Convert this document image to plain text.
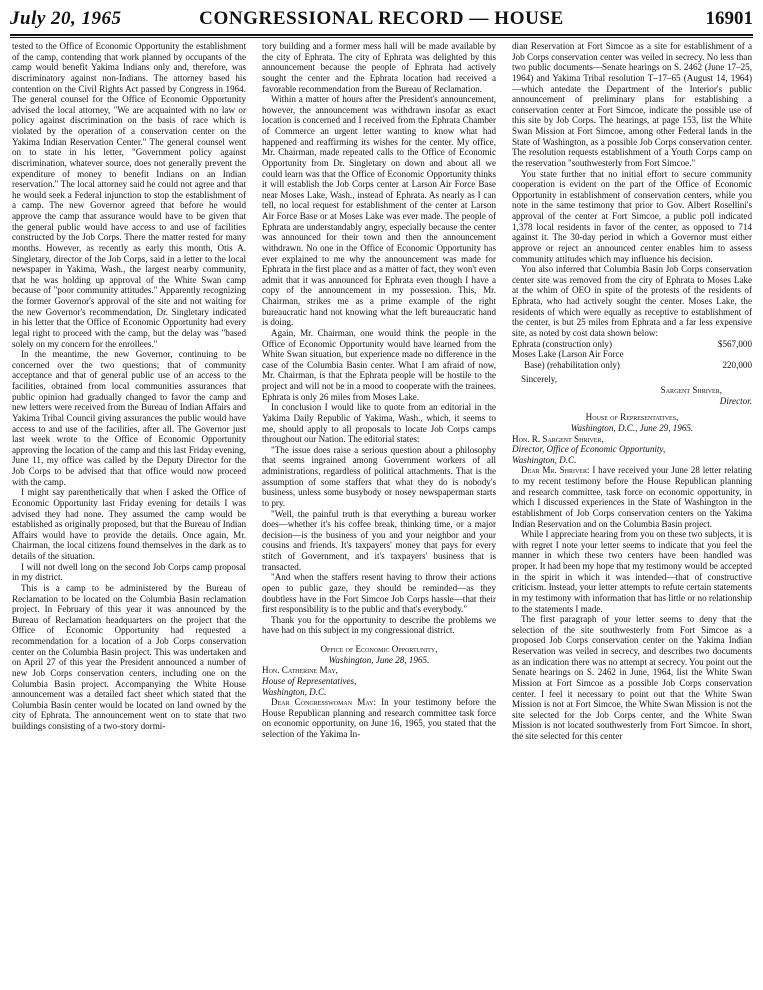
July 20, 1965	CONGRESSIONAL RECORD — HOUSE	16901

tested to the Office of Economic Opportunity the establishment of the camp, contending that work planned by occupants of the camp would benefit Yakima Indians only and, therefore, was discriminatory against non-Indians. The attorney based his contention on the Civil Rights Act passed by Congress in 1964. The general counsel for the Office of Economic Opportunity advised the local attorney, "We are acquainted with no law or policy against discrimination on the basis of race which is violated by the operation of a conservation center on the Yakima Indian Reservation Center." The general counsel went on to state in his letter, "Government policy against discrimination, whatever source, does not generally prevent the expenditure of money to benefit Indians on an Indian reservation." The local attorney said he could not agree and that he would seek a Federal injunction to stop the establishment of a camp. The new Governor agreed that before he would approve the camp that assurance would have to be given that the general public would have access to and use of facilities constructed by the Job Corps. There the matter rested for many months. However, as recently as early this month, Otis A. Singletary, director of the Job Corps, said in a letter to the local newspaper in Yakima, Wash., the largest nearby community, that he was holding up approval of the White Swan camp because of "poor community attitudes." Apparently recognizing the former Governor's approval of the site and not waiting for the new Governor's recommendation, Dr. Singletary indicated in his letter that the Office of Economic Opportunity had every legal right to proceed with the camp, but the delay was "based solely on my concern for the enrollees."

In the meantime, the new Governor, continuing to be concerned over the two questions; that of community acceptance and that of general public use of an access to the facilities, obtained from local communities assurances that public opinion had gradually changed to favor the camp and new letters were received from the Bureau of Indian Affairs and Yakima Tribal Council giving assurances the public would have access to and use of the facilities, after all. The Governor just last week wrote to the Office of Economic Opportunity approving the location of the camp and this last Friday evening, June 11, my office was called by the Deputy Director for the Job Corps to be advised that that office would now proceed with the camp.

I might say parenthetically that when I asked the Office of Economic Opportunity last Friday evening for details I was advised they had none. They assumed the camp would be established as originally proposed, but that the Bureau of Indian Affairs would have to provide the details. Once again, Mr. Chairman, the local citizens found themselves in the dark as to details of the situation.

I will not dwell long on the second Job Corps camp proposal in my district.

This is a camp to be administered by the Bureau of Reclamation to be located on the Columbia Basin reclamation project. In February of this year it was announced by the Bureau of Reclamation headquarters on the project that the Office of Economic Opportunity had requested a recommendation for a location of a Job Corps conservation center on the Columbia Basin project. This was undertaken and on April 27 of this year the President announced a number of new Job Corps conservation centers, including one on the Columbia Basin project. Accompanying the White House announcement was a detailed fact sheet which stated that the Columbia Basin center would be located on land owned by the city of Ephrata. The announcement went on to state that two buildings consisting of a two-story dormi-

tory building and a former mess hall will be made available by the city of Ephrata. The city of Ephrata was delighted by this announcement because the people of Ephrata had actively sought the center and the Ephrata location had received a favorable recommendation from the Bureau of Reclamation.

Within a matter of hours after the President's announcement, however, the announcement was withdrawn insofar as exact location is concerned and I received from the Ephrata Chamber of Commerce an urgent letter wanting to know what had happened and reaffirming its wishes for the center. My office, Mr. Chairman, made repeated calls to the Office of Economic Opportunity from Dr. Singletary on down and about all we could learn was that the Office of Economic Opportunity thinks it will establish the Job Corps center at Larson Air Force Base near Moses Lake, Wash., instead of Ephrata. As nearly as I can tell, no local request for establishment of the center at Larson Air Force Base or at Moses Lake was ever made. The people of Ephrata are understandably angry, especially because the center was announced for their town and then the announcement withdrawn. No one in the Office of Economic Opportunity has ever explained to me why the announcement was made for Ephrata in the first place and as a matter of fact, they won't even admit that it was announced for Ephrata even though I have a copy of the announcement in my possession. This, Mr. Chairman, strikes me as a prime example of the right bureaucratic hand not knowing what the left bureaucratic hand is doing.

Again, Mr. Chairman, one would think the people in the Office of Economic Opportunity would have learned from the White Swan situation, but experience made no difference in the case of the Columbia Basin center. What I am afraid of now, Mr. Chairman, is that the Ephrata people will be hostile to the project and will not be in a mood to cooperate with the trainees. Ephrata is only 26 miles from Moses Lake.

In conclusion I would like to quote from an editorial in the Yakima Daily Republic of Yakima, Wash., which, it seems to me, should apply to all proposals to locate Job Corps camps throughout our Nation. The editorial states:

"The issue does raise a serious question about a philosophy that seems ingrained among Government workers of all administrations, regardless of political attachments. That is the assumption of some staffers that what they do is nobody's business, unless some busybody or nosey newspaperman starts to pry.

"Well, the painful truth is that everything a bureau worker does—whether it's his coffee break, thinking time, or a major decision—is the business of you and your neighbor and your cousins and friends. It's taxpayers' money that pays for every stitch of Government, and it's taxpayers' business that is transacted.

"And when the staffers resent having to throw their actions open to public gaze, they should be reminded—as they doubtless have in the Fort Simcoe Job Corps hassle—that their first responsibility is to the public and that's everybody."

Thank you for the opportunity to describe the problems we have had on this subject in my congressional district.

Office of Economic Opportunity,

Washington, June 28, 1965.

Hon. Catherine May,

House of Representatives,

Washington, D.C.

Dear Congresswoman May: In your testimony before the House Republican planning and research committee task force on economic opportunity, on June 16, 1965, you stated that the selection of the Yakima In-

dian Reservation at Fort Simcoe as a site for establishment of a Job Corps conservation center was veiled in secrecy. No less than two public documents—Senate hearings on S. 2462 (June 17–25, 1964) and Yakima Tribal resolution T–17–65 (August 14, 1964)—which antedate the Department of the Interior's public announcement of preliminary plans for establishing a conservation center at Fort Simcoe, indicate the possible use of this site by Job Corps. The hearings, at page 153, list the White Swan Mission at Fort Simcoe, among other Federal lands in the State of Washington, as a possible Job Corps conservation center. The resolution requests establishment of a Youth Corps camp on the reservation "southwesterly from Fort Simcoe."

You state further that no initial effort to secure community cooperation is evident on the part of the Office of Economic Opportunity in establishment of conservation centers, while you note in the same testimony that prior to Gov. Albert Rosellini's approval of the center at Fort Simcoe, a public poll indicated 1,378 local residents in favor of the center, as opposed to 714 against it. The 30-day period in which a Governor must either approve or reject an announced center enables him to assess community attitudes which may influence his decision.

You also inferred that Columbia Basin Job Corps conservation center site was removed from the city of Ephrata to Moses Lake at the whim of OEO in spite of the protests of the residents of Ephrata, who had actively sought the center. Moses Lake, the residents of which were equally as receptive to establishment of the center, is but 25 miles from Ephrata and a far less expensive site, as noted by cost data shown below:

Ephrata (construction only)	$567,000
Moses Lake (Larson Air Force
Base) (rehabilitation only)	220,000

Sincerely,

Sargent Shriver,

Director.

House of Representatives,

Washington, D.C., June 29, 1965.

Hon. R. Sargent Shriver,

Director, Office of Economic Opportunity,

Washington, D.C.

Dear Mr. Shriver: I have received your June 28 letter relating to my recent testimony before the House Republican planning and research committee, task force on economic opportunity, in which I discussed experiences in the State of Washington in the establishment of Job Corps conservation centers on the Yakima Indian Reservation and on the Columbia Basin project.

While I appreciate hearing from you on these two subjects, it is with regret I note your letter seems to indicate that you feel the manner in which these two centers have been handled was proper. It had been my hope that my testimony would be accepted in the spirit in which it was intended—that of constructive criticism. Instead, your letter attempts to refute certain statements in my testimony with information that has little or no relationship to the statements I made.

The first paragraph of your letter seems to deny that the selection of the site southwesterly from Fort Simcoe as a proposed Job Corps conservation center on the Yakima Indian Reservation was veiled in secrecy, and describes two documents as an indication there was no attempt at secrecy. You point out the Senate hearings on S. 2462 in June, 1964, list the White Swan Mission at Fort Simcoe as a possible Job Corps conservation center. I feel it necessary to point out that the White Swan Mission is not at Fort Simcoe, the White Swan Mission is not the site selected for the Job Corps center, and the White Swan Mission is not located southwesterly from Fort Simcoe. In short, the site selected for this center
